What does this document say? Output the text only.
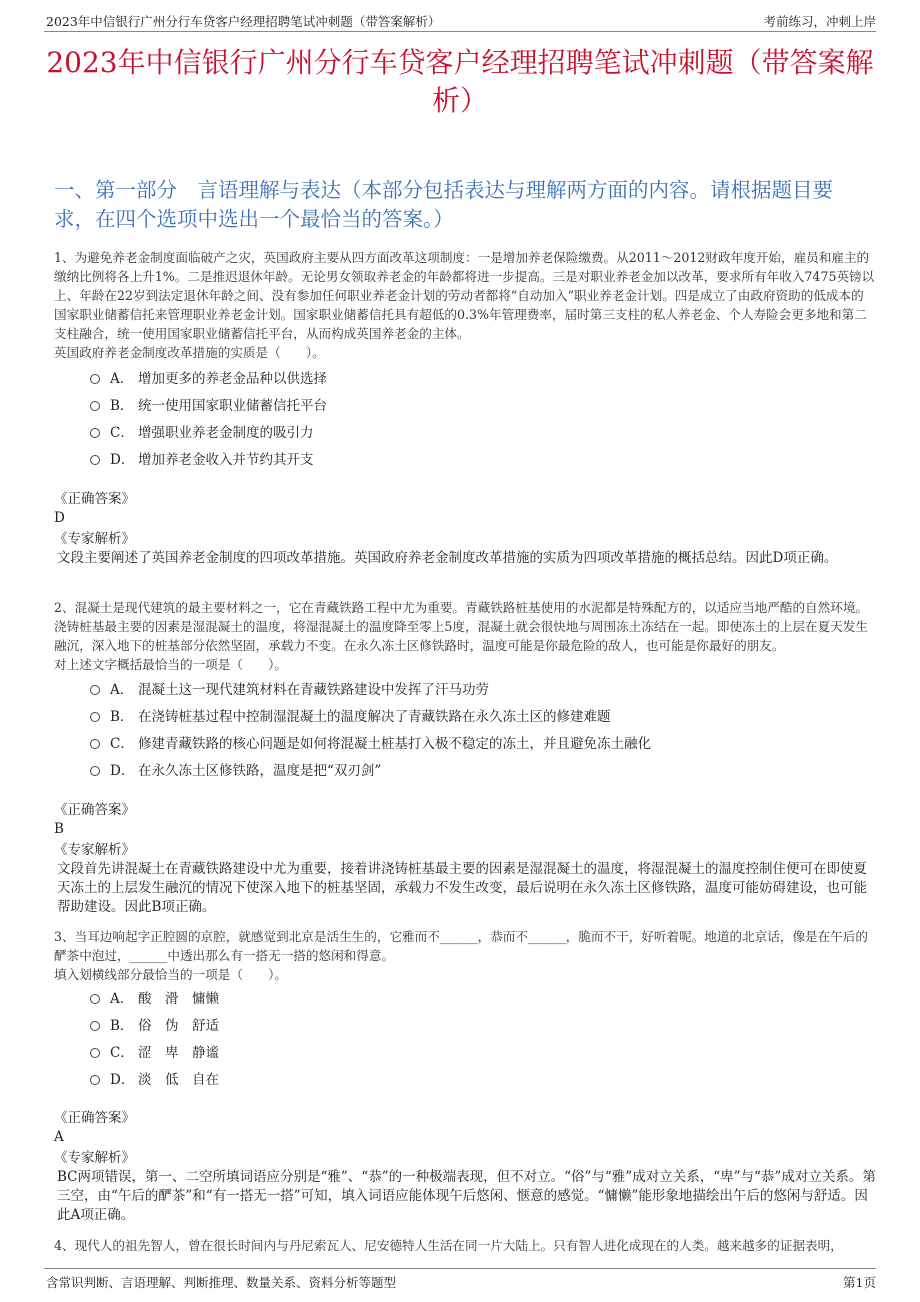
2023年中信银行广州分行车贷客户经理招聘笔试冲刺题（带答案解析）	考前练习，冲刺上岸
2023年中信银行广州分行车贷客户经理招聘笔试冲刺题（带答案解析）
一、第一部分　言语理解与表达（本部分包括表达与理解两方面的内容。请根据题目要求，在四个选项中选出一个最恰当的答案。）

1、为避免养老金制度面临破产之灾，英国政府主要从四方面改革这项制度：一是增加养老保险缴费。从2011～2012财政年度开始，雇员和雇主的缴纳比例将各上升1%。二是推迟退休年龄。无论男女领取养老金的年龄都将进一步提高。三是对职业养老金加以改革，要求所有年收入7475英镑以上、年龄在22岁到法定退休年龄之间、没有参加任何职业养老金计划的劳动者都将“自动加入”职业养老金计划。四是成立了由政府资助的低成本的国家职业储蓄信托来管理职业养老金计划。国家职业储蓄信托具有超低的0.3%年管理费率，届时第三支柱的私人养老金、个人寿险会更多地和第二支柱融合，统一使用国家职业储蓄信托平台，从而构成英国养老金的主体。

英国政府养老金制度改革措施的实质是（　　）。

A． 增加更多的养老金品种以供选择
B． 统一使用国家职业储蓄信托平台
C． 增强职业养老金制度的吸引力
D． 增加养老金收入并节约其开支
《正确答案》
D
《专家解析》
文段主要阐述了英国养老金制度的四项改革措施。英国政府养老金制度改革措施的实质为四项改革措施的概括总结。因此D项正确。

2、混凝土是现代建筑的最主要材料之一，它在青藏铁路工程中尤为重要。青藏铁路桩基使用的水泥都是特殊配方的，以适应当地严酷的自然环境。浇铸桩基最主要的因素是湿混凝土的温度，将湿混凝土的温度降至零上5度，混凝土就会很快地与周围冻土冻结在一起。即使冻土的上层在夏天发生融沉，深入地下的桩基部分依然坚固，承载力不变。在永久冻土区修铁路时，温度可能是你最危险的敌人，也可能是你最好的朋友。

对上述文字概括最恰当的一项是（　　）。

A． 混凝土这一现代建筑材料在青藏铁路建设中发挥了汗马功劳
B． 在浇铸桩基过程中控制湿混凝土的温度解决了青藏铁路在永久冻土区的修建难题
C． 修建青藏铁路的核心问题是如何将混凝土桩基打入极不稳定的冻土，并且避免冻土融化
D． 在永久冻土区修铁路，温度是把“双刃剑”
《正确答案》
B
《专家解析》
文段首先讲混凝土在青藏铁路建设中尤为重要，接着讲浇铸桩基最主要的因素是湿混凝土的温度，将湿混凝土的温度控制住便可在即使夏天冻土的上层发生融沉的情况下使深入地下的桩基坚固，承载力不发生改变，最后说明在永久冻土区修铁路，温度可能妨碍建设，也可能帮助建设。因此B项正确。

3、当耳边响起字正腔圆的京腔，就感觉到北京是活生生的，它雅而不______，恭而不______，脆而不干，好听着呢。地道的北京话，像是在午后的酽茶中泡过，______中透出那么有一搭无一搭的悠闲和得意。

填入划横线部分最恰当的一项是（　　）。

A． 酸　滑　慵懒
B． 俗　伪　舒适
C． 涩　卑　静谧
D． 淡　低　自在
《正确答案》
A
《专家解析》
BC两项错误，第一、二空所填词语应分别是“雅”、“恭”的一种极端表现，但不对立。“俗”与“雅”成对立关系，“卑”与“恭”成对立关系。第三空，由“午后的酽茶”和“有一搭无一搭”可知，填入词语应能体现午后悠闲、惬意的感觉。“慵懒”能形象地描绘出午后的悠闲与舒适。因此A项正确。

4、现代人的祖先智人，曾在很长时间内与丹尼索瓦人、尼安德特人生活在同一片大陆上。只有智人进化成现在的人类。越来越多的证据表明，

含常识判断、言语理解、判断推理、数量关系、资料分析等题型	第1页
